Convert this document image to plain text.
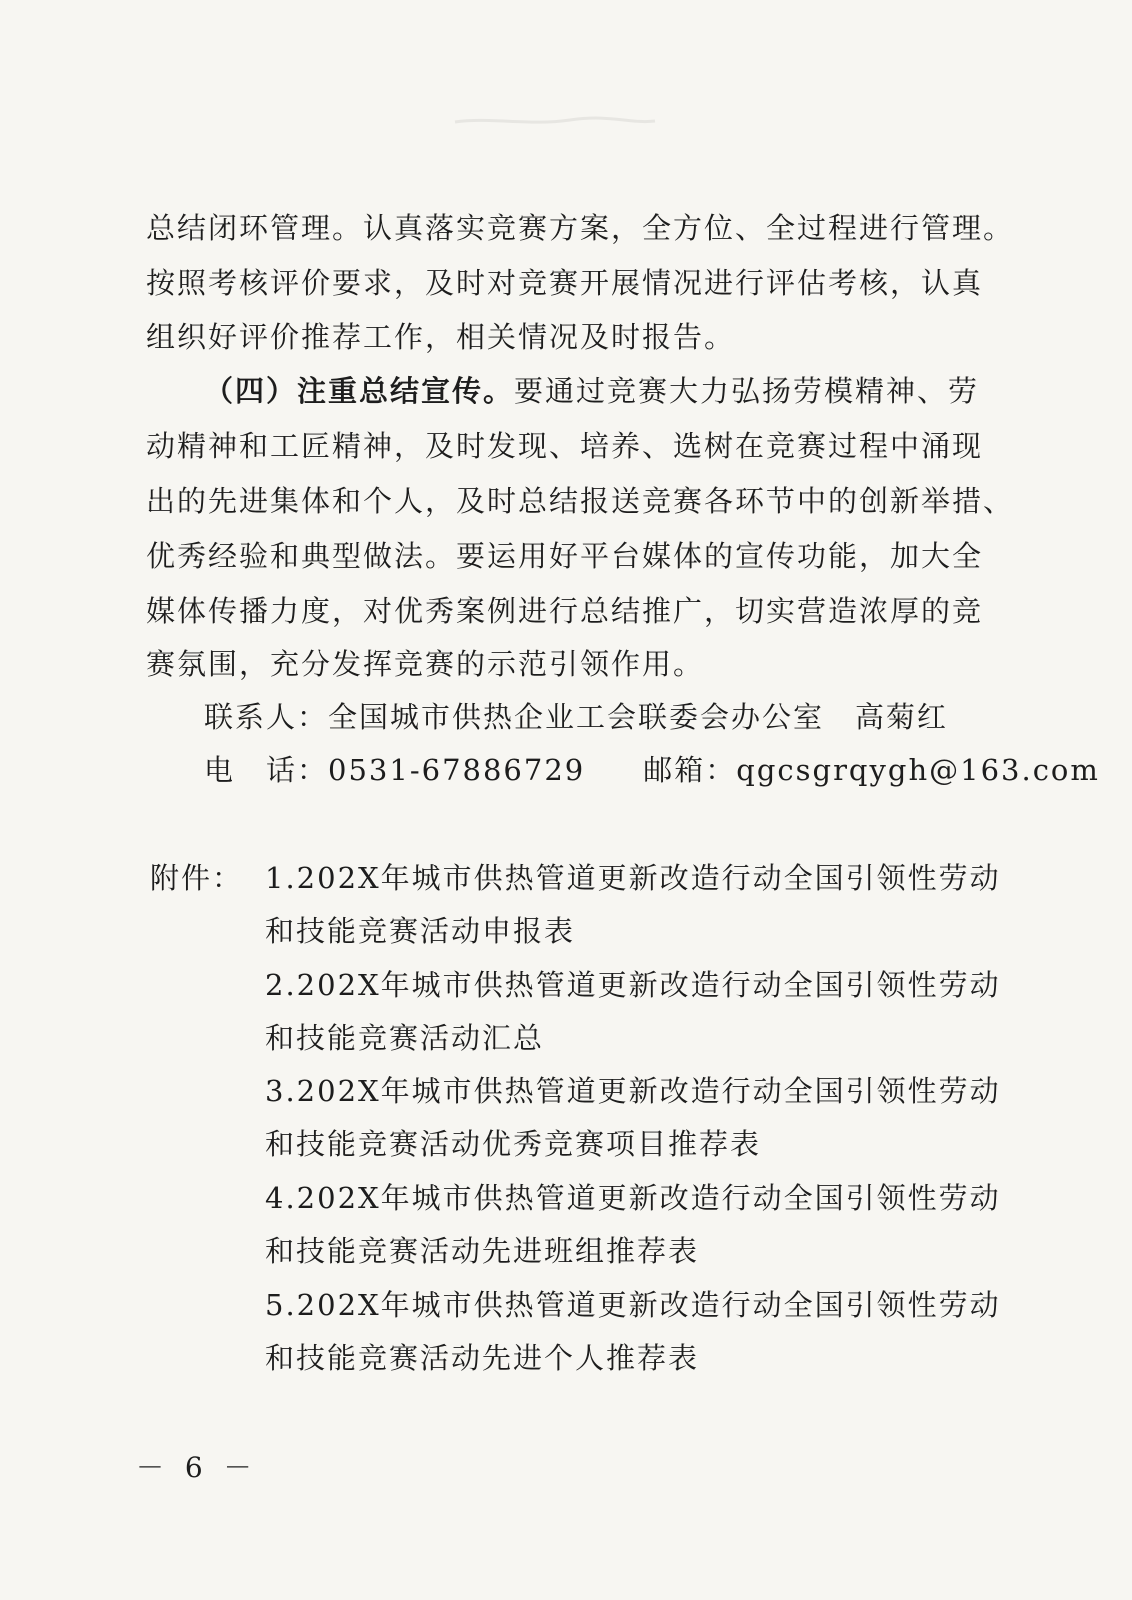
总结闭环管理。认真落实竞赛方案，全方位、全过程进行管理。
按照考核评价要求，及时对竞赛开展情况进行评估考核，认真
组织好评价推荐工作，相关情况及时报告。
（四）注重总结宣传。要通过竞赛大力弘扬劳模精神、劳
动精神和工匠精神，及时发现、培养、选树在竞赛过程中涌现
出的先进集体和个人，及时总结报送竞赛各环节中的创新举措、
优秀经验和典型做法。要运用好平台媒体的宣传功能，加大全
媒体传播力度，对优秀案例进行总结推广，切实营造浓厚的竞
赛氛围，充分发挥竞赛的示范引领作用。
联系人：全国城市供热企业工会联委会办公室　高菊红
电　话：0531-67886729 邮箱：qgcsgrqygh@163.com
附件： 1.202X年城市供热管道更新改造行动全国引领性劳动
和技能竞赛活动申报表
2.202X年城市供热管道更新改造行动全国引领性劳动
和技能竞赛活动汇总
3.202X年城市供热管道更新改造行动全国引领性劳动
和技能竞赛活动优秀竞赛项目推荐表
4.202X年城市供热管道更新改造行动全国引领性劳动
和技能竞赛活动先进班组推荐表
5.202X年城市供热管道更新改造行动全国引领性劳动
和技能竞赛活动先进个人推荐表
－ 6 －
